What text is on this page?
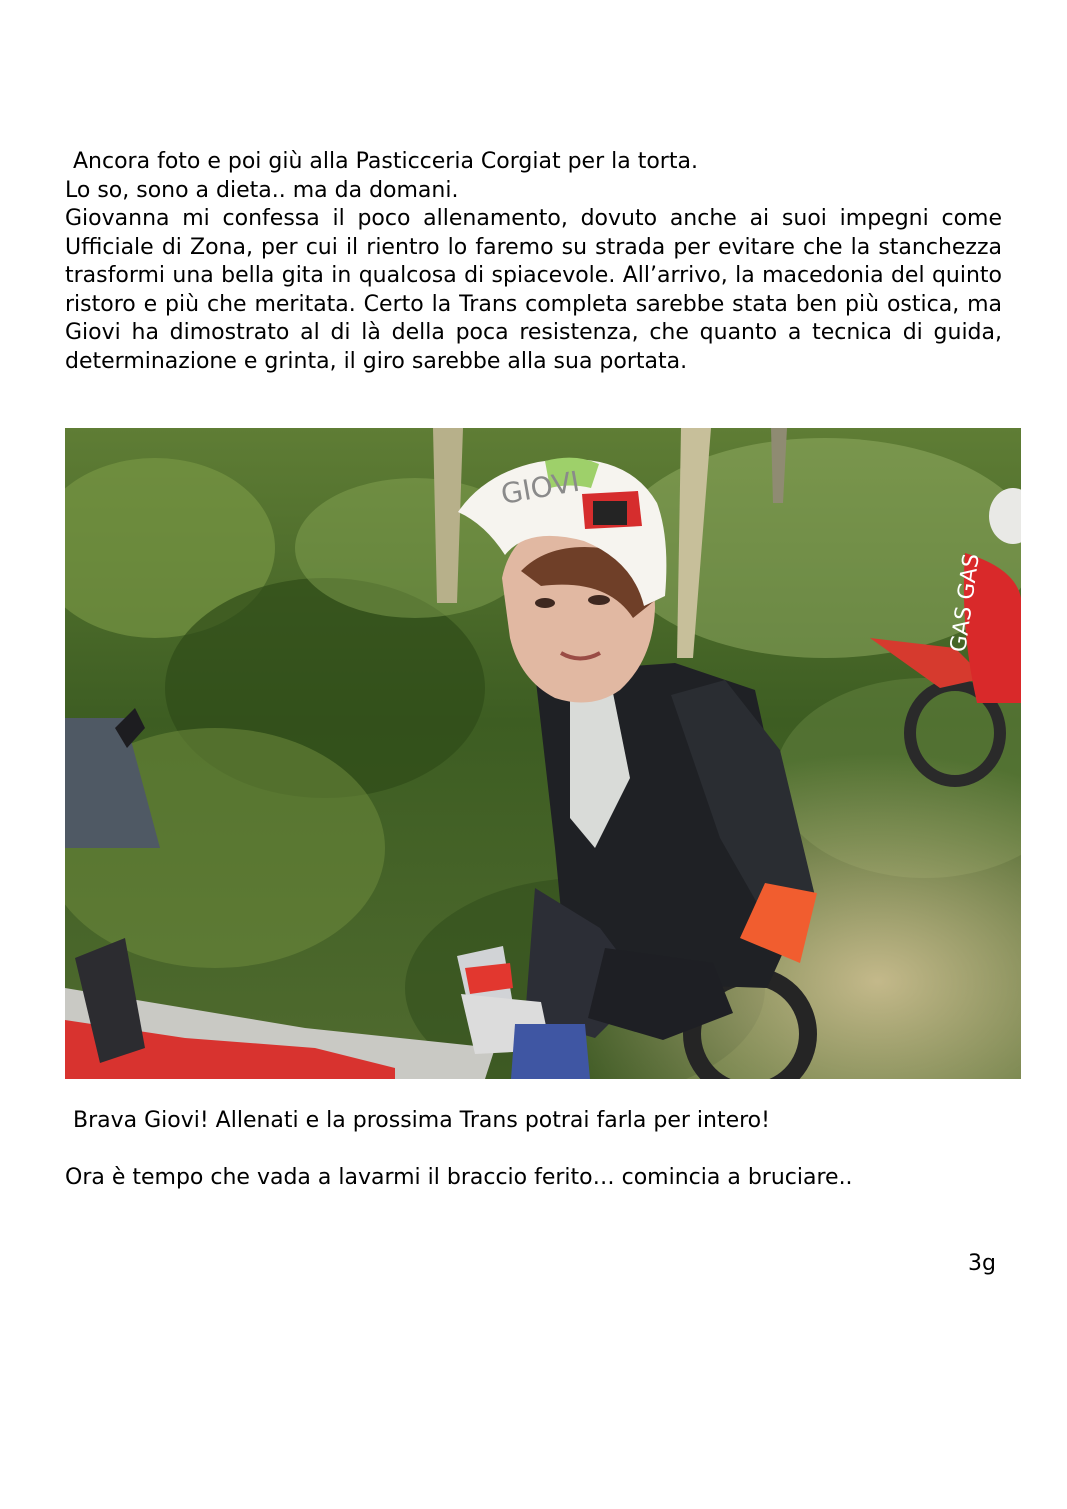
Ancora foto e poi giù alla Pasticceria Corgiat per la torta.
Lo so, sono a dieta.. ma da domani.
Giovanna mi confessa il poco allenamento, dovuto anche ai suoi impegni come Ufficiale di Zona, per cui il rientro lo faremo su strada per evitare che la stanchezza trasformi una bella gita in qualcosa di spiacevole. All’arrivo, la macedonia del quinto ristoro e più che meritata. Certo la Trans completa sarebbe stata ben più ostica, ma Giovi ha dimostrato al di là della poca resistenza, che quanto a tecnica di guida, determinazione e grinta, il giro sarebbe alla sua portata.
GIOVI
GAS GAS
Brava Giovi! Allenati e la prossima Trans potrai farla per intero!
Ora è tempo che vada a lavarmi il braccio ferito… comincia a bruciare..
3g
